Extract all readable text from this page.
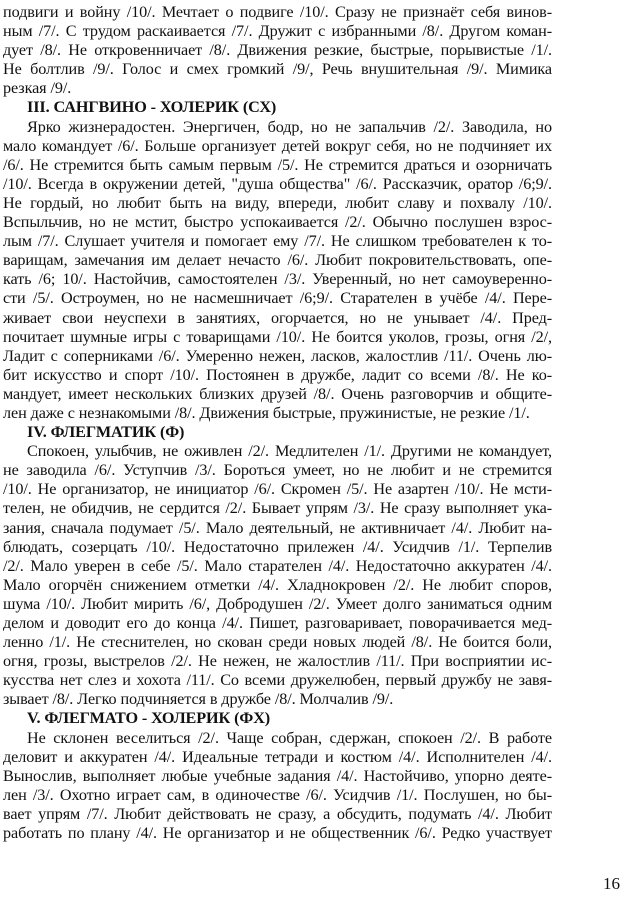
подвиги и войну /10/. Мечтает о подвиге /10/. Сразу не признаёт себя винов-
ным /7/. С трудом раскаивается /7/. Дружит с избранными /8/. Другом коман-
дует /8/. Не откровенничает /8/. Движения резкие, быстрые, порывистые /1/.
Не болтлив /9/. Голос и смех громкий /9/, Речь внушительная /9/. Мимика
резкая /9/.
III. САНГВИНО - ХОЛЕРИК (СХ)
Ярко жизнерадостен. Энергичен, бодр, но не запальчив /2/. Заводила, но
мало командует /6/. Больше организует детей вокруг себя, но не подчиняет их
/6/. Не стремится быть самым первым /5/. Не стремится драться и озорничать
/10/. Всегда в окружении детей, "душа общества" /6/. Рассказчик, оратор /6;9/.
Не гордый, но любит быть на виду, впереди, любит славу и похвалу /10/.
Вспыльчив, но не мстит, быстро успокаивается /2/. Обычно послушен взрос-
лым /7/. Слушает учителя и помогает ему /7/. Не слишком требователен к то-
варищам, замечания им делает нечасто /6/. Любит покровительствовать, опе-
кать /6; 10/. Настойчив, самостоятелен /3/. Уверенный, но нет самоуверенно-
сти /5/. Остроумен, но не насмешничает /6;9/. Старателен в учёбе /4/. Пере-
живает свои неуспехи в занятиях, огорчается, но не унывает /4/. Пред-
почитает шумные игры с товарищами /10/. Не боится уколов, грозы, огня /2/,
Ладит с соперниками /6/. Умеренно нежен, ласков, жалостлив /11/. Очень лю-
бит искусство и спорт /10/. Постоянен в дружбе, ладит со всеми /8/. Не ко-
мандует, имеет нескольких близких друзей /8/. Очень разговорчив и общите-
лен даже с незнакомыми /8/. Движения быстрые, пружинистые, не резкие /1/.
IV. ФЛЕГМАТИК (Ф)
Спокоен, улыбчив, не оживлен /2/. Медлителен /1/. Другими не командует,
не заводила /6/. Уступчив /3/. Бороться умеет, но не любит и не стремится
/10/. Не организатор, не инициатор /6/. Скромен /5/. Не азартен /10/. Не мсти-
телен, не обидчив, не сердится /2/. Бывает упрям /3/. Не сразу выполняет ука-
зания, сначала подумает /5/. Мало деятельный, не активничает /4/. Любит на-
блюдать, созерцать /10/. Недостаточно прилежен /4/. Усидчив /1/. Терпелив
/2/. Мало уверен в себе /5/. Мало старателен /4/. Недостаточно аккуратен /4/.
Мало огорчён снижением отметки /4/. Хладнокровен /2/. Не любит споров,
шума /10/. Любит мирить /6/, Добродушен /2/. Умеет долго заниматься одним
делом и доводит его до конца /4/. Пишет, разговаривает, поворачивается мед-
ленно /1/. Не стеснителен, но скован среди новых людей /8/. Не боится боли,
огня, грозы, выстрелов /2/. Не нежен, не жалостлив /11/. При восприятии ис-
кусства нет слез и хохота /11/. Со всеми дружелюбен, первый дружбу не завя-
зывает /8/. Легко подчиняется в дружбе /8/. Молчалив /9/.
V. ФЛЕГМАТО - ХОЛЕРИК (ФХ)
Не склонен веселиться /2/. Чаще собран, сдержан, спокоен /2/. В работе
деловит и аккуратен /4/. Идеальные тетради и костюм /4/. Исполнителен /4/.
Вынослив, выполняет любые учебные задания /4/. Настойчиво, упорно деяте-
лен /3/. Охотно играет сам, в одиночестве /6/. Усидчив /1/. Послушен, но бы-
вает упрям /7/. Любит действовать не сразу, а обсудить, подумать /4/. Любит
работать по плану /4/. Не организатор и не общественник /6/. Редко участвует
16
